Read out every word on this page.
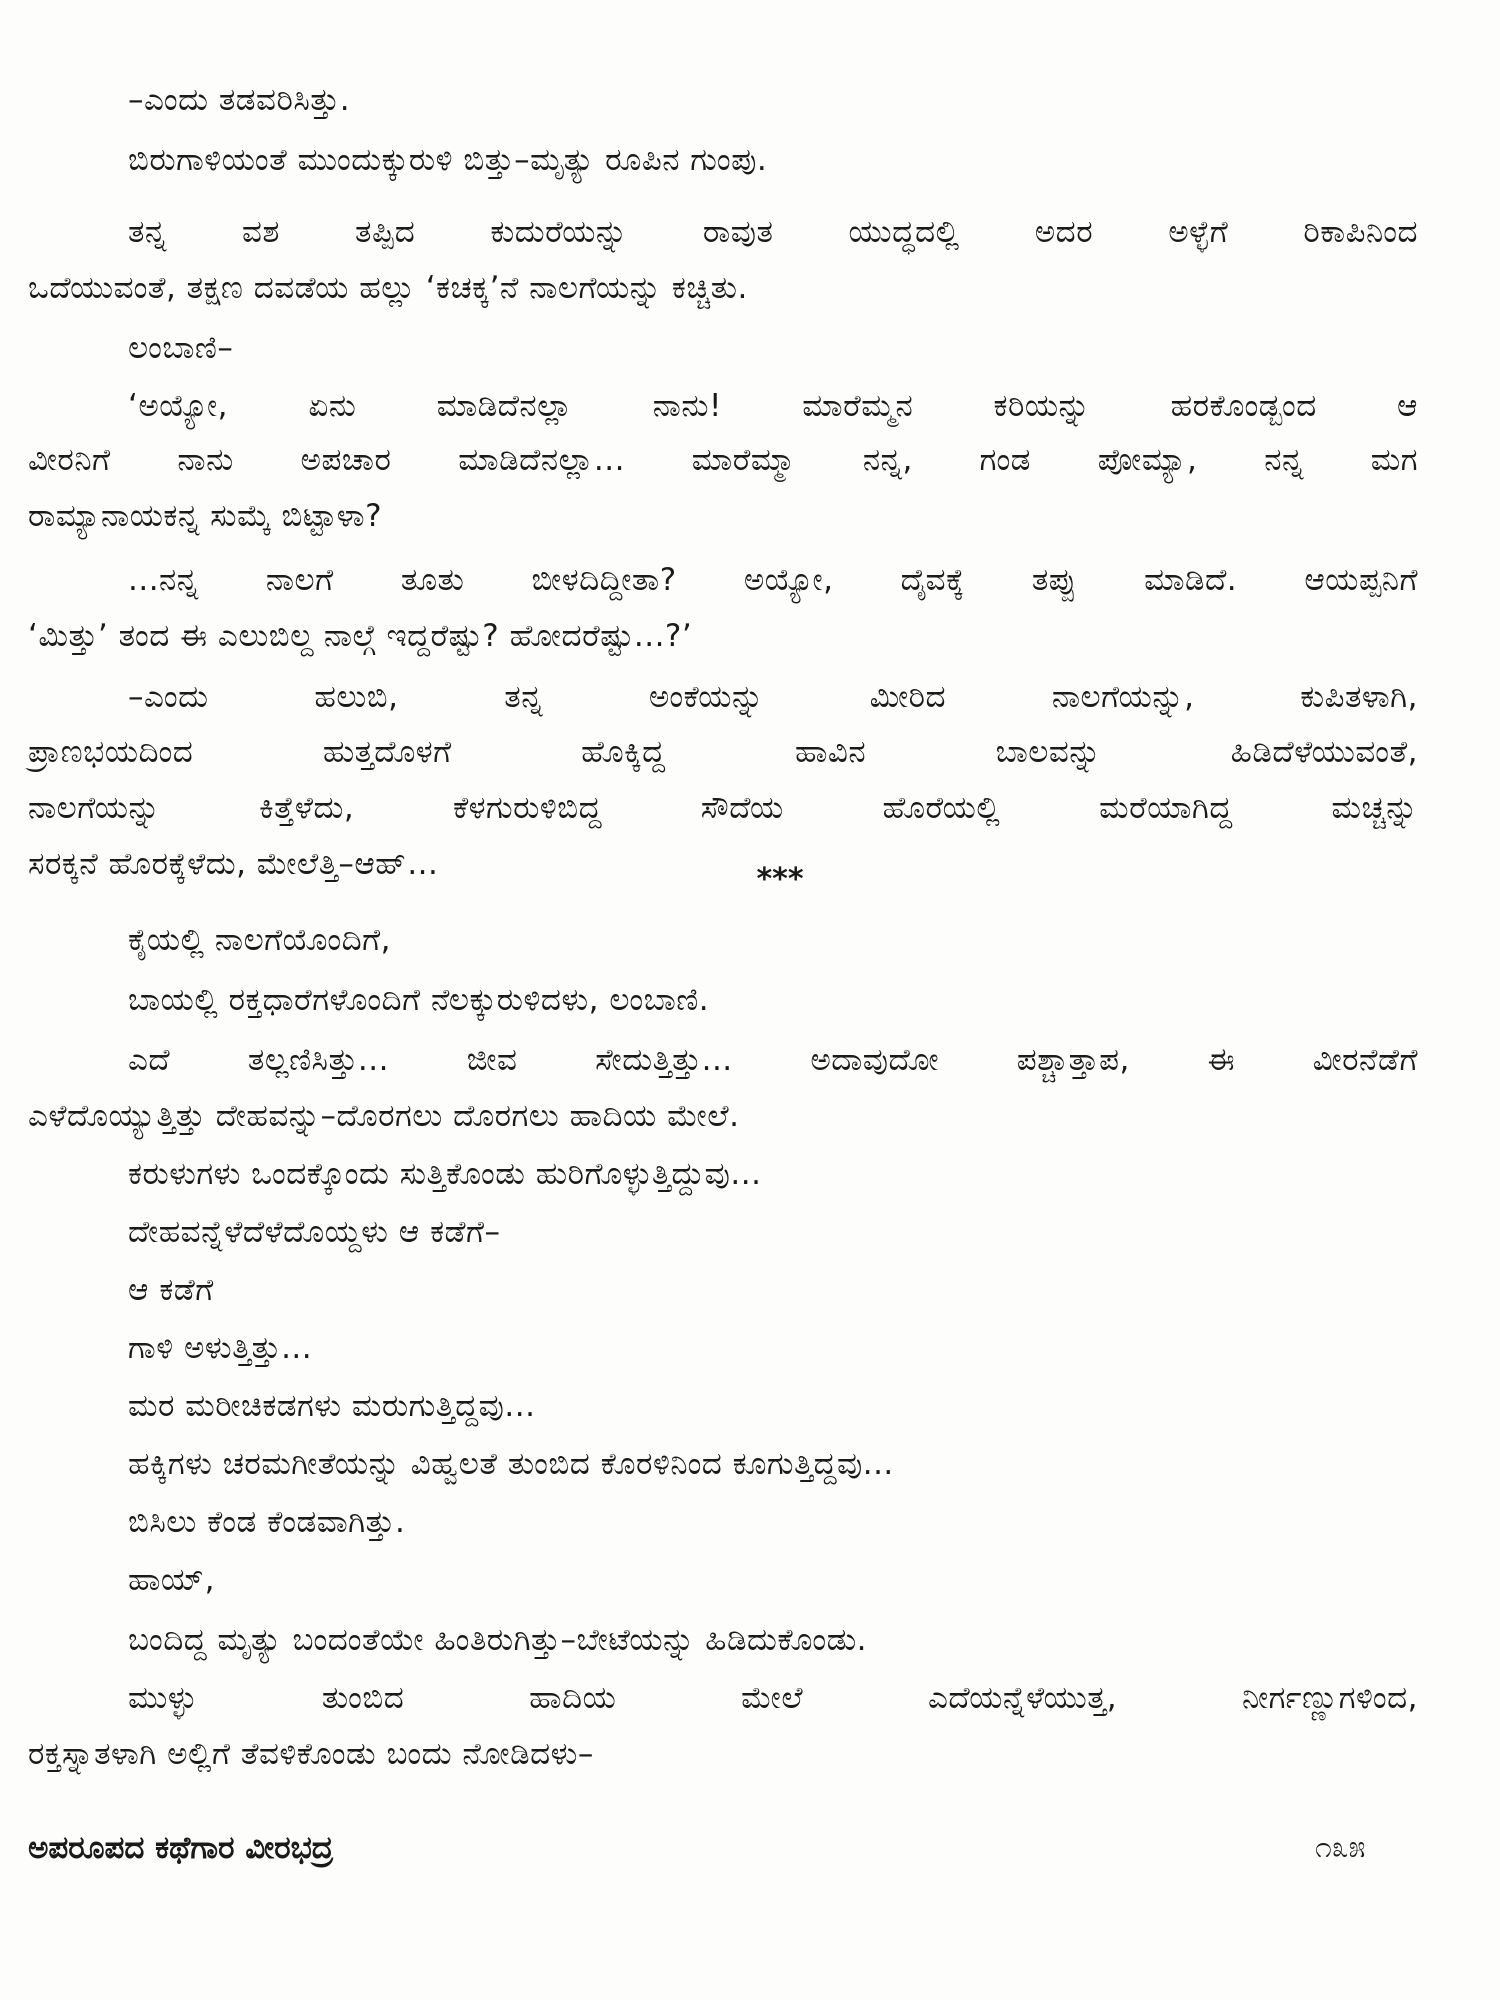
–ಎಂದು ತಡವರಿಸಿತ್ತು.
ಬಿರುಗಾಳಿಯಂತೆ ಮುಂದುಕ್ಕುರುಳಿ ಬಿತ್ತು–ಮೃತ್ಯು ರೂಪಿನ ಗುಂಪು.
ತನ್ನ ವಶ ತಪ್ಪಿದ ಕುದುರೆಯನ್ನು ರಾವುತ ಯುದ್ಧದಲ್ಲಿ ಅದರ ಅಳ್ಳೆಗೆ ರಿಕಾಪಿನಿಂದ
ಒದೆಯುವಂತೆ, ತಕ್ಷಣ ದವಡೆಯ ಹಲ್ಲು ‘ಕಚಕ್ಕ’ನೆ ನಾಲಗೆಯನ್ನು ಕಚ್ಚಿತು.
ಲಂಬಾಣಿ–
‘ಅಯ್ಯೋ, ಏನು ಮಾಡಿದೆನಲ್ಲಾ ನಾನು! ಮಾರೆಮ್ಮನ ಕರಿಯನ್ನು ಹರಕೊಂಡ್ಬಂದ ಆ
ವೀರನಿಗೆ ನಾನು ಅಪಚಾರ ಮಾಡಿದೆನಲ್ಲಾ... ಮಾರೆಮ್ಮಾ ನನ್ನ, ಗಂಡ ಪೋಮ್ಯಾ, ನನ್ನ ಮಗ
ರಾಮ್ಯಾನಾಯಕನ್ನ ಸುಮ್ಕೆ ಬಿಟ್ಟಾಳಾ?
...ನನ್ನ ನಾಲಗೆ ತೂತು ಬೀಳದಿದ್ದೀತಾ? ಅಯ್ಯೋ, ದೈವಕ್ಕೆ ತಪ್ಪು ಮಾಡಿದೆ. ಆಯಪ್ಪನಿಗೆ
‘ಮಿತ್ತು’ ತಂದ ಈ ಎಲುಬಿಲ್ದ ನಾಲ್ಗೆ ಇದ್ದರೆಷ್ಟು? ಹೋದರೆಷ್ಟು...?’
–ಎಂದು ಹಲುಬಿ, ತನ್ನ ಅಂಕೆಯನ್ನು ಮೀರಿದ ನಾಲಗೆಯನ್ನು, ಕುಪಿತಳಾಗಿ,
ಪ್ರಾಣಭಯದಿಂದ ಹುತ್ತದೊಳಗೆ ಹೊಕ್ಕಿದ್ದ ಹಾವಿನ ಬಾಲವನ್ನು ಹಿಡಿದೆಳೆಯುವಂತೆ,
ನಾಲಗೆಯನ್ನು ಕಿತ್ತೆಳೆದು, ಕೆಳಗುರುಳಿಬಿದ್ದ ಸೌದೆಯ ಹೊರೆಯಲ್ಲಿ ಮರೆಯಾಗಿದ್ದ ಮಚ್ಚನ್ನು
ಸರಕ್ಕನೆ ಹೊರಕ್ಕೆಳೆದು, ಮೇಲೆತ್ತಿ–ಆಹ್...	***
ಕೈಯಲ್ಲಿ ನಾಲಗೆಯೊಂದಿಗೆ,
ಬಾಯಲ್ಲಿ ರಕ್ತಧಾರೆಗಳೊಂದಿಗೆ ನೆಲಕ್ಕುರುಳಿದಳು, ಲಂಬಾಣಿ.
ಎದೆ ತಲ್ಲಣಿಸಿತ್ತು... ಜೀವ ಸೇದುತ್ತಿತ್ತು... ಅದಾವುದೋ ಪಶ್ಚಾತ್ತಾಪ, ಈ ವೀರನೆಡೆಗೆ
ಎಳೆದೊಯ್ಯುತ್ತಿತ್ತು ದೇಹವನ್ನು–ದೊರಗಲು ದೊರಗಲು ಹಾದಿಯ ಮೇಲೆ.
ಕರುಳುಗಳು ಒಂದಕ್ಕೊಂದು ಸುತ್ತಿಕೊಂಡು ಹುರಿಗೊಳ್ಳುತ್ತಿದ್ದುವು...
ದೇಹವನ್ನೆಳೆದೆಳೆದೊಯ್ದಳು ಆ ಕಡೆಗೆ–
ಆ ಕಡೆಗೆ
ಗಾಳಿ ಅಳುತ್ತಿತ್ತು...
ಮರ ಮರೀಚಿಕಡಗಳು ಮರುಗುತ್ತಿದ್ದವು...
ಹಕ್ಕಿಗಳು ಚರಮಗೀತೆಯನ್ನು ವಿಹ್ವಲತೆ ತುಂಬಿದ ಕೊರಳಿನಿಂದ ಕೂಗುತ್ತಿದ್ದವು...
ಬಿಸಿಲು ಕೆಂಡ ಕೆಂಡವಾಗಿತ್ತು.
ಹಾಯ್,
ಬಂದಿದ್ದ ಮೃತ್ಯು ಬಂದಂತೆಯೇ ಹಿಂತಿರುಗಿತ್ತು–ಬೇಟೆಯನ್ನು ಹಿಡಿದುಕೊಂಡು.
ಮುಳ್ಳು ತುಂಬಿದ ಹಾದಿಯ ಮೇಲೆ ಎದೆಯನ್ನೆಳೆಯುತ್ತ, ನೀರ್ಗಣ್ಣುಗಳಿಂದ,
ರಕ್ತಸ್ನಾತಳಾಗಿ ಅಲ್ಲಿಗೆ ತೆವಳಿಕೊಂಡು ಬಂದು ನೋಡಿದಳು–
ಅಪರೂಪದ ಕಥೆಗಾರ ವೀರಭದ್ರ	೧೩೫
